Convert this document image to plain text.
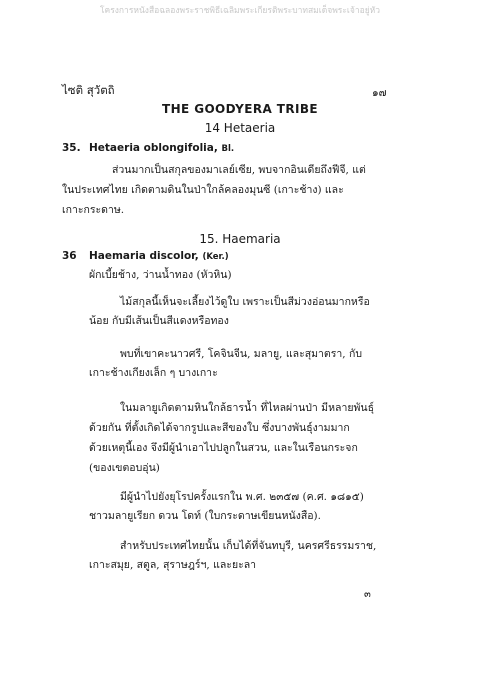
โครงการหนังสือฉลองพระราชพิธีเฉลิมพระเกียรติพระบาทสมเด็จพระเจ้าอยู่หัว
ไซติ สุวัตถิ	๑๗
THE GOODYERA TRIBE
14 Hetaeria
35. Hetaeria oblongifolia, Bl.
ส่วนมากเป็นสกุลของมาเลย์เซีย, พบจากอินเดียถึงฟีจี, แต่
ในประเทศไทย เกิดตามดินในป่าใกล้คลองมุนซี (เกาะช้าง) และ
เกาะกระดาษ.
15. Haemaria
36 Haemaria discolor, (Ker.)
ผักเบี้ยช้าง, ว่านน้ำทอง (หัวหิน)
ไม้สกุลนี้เห็นจะเลี้ยงไว้ดูใบ เพราะเป็นสีม่วงอ่อนมากหรือ
น้อย กับมีเส้นเป็นสีแดงหรือทอง
พบที่เขาคะนาวศรี, โคจินจีน, มลายู, และสุมาตรา, กับ
เกาะช้างเกียงเล็ก ๆ บางเกาะ
ในมลายูเกิดตามหินใกล้ธารน้ำ ที่ไหลผ่านป่า มีหลายพันธุ์
ด้วยกัน ที่ตั้งเกิดได้จากรูปและสีของใบ ซึ่งบางพันธุ์งามมาก
ด้วยเหตุนี้เอง จึงมีผู้นำเอาไปปลูกในสวน, และในเรือนกระจก
(ของเขตอบอุ่น)
มีผู้นำไปยังยุโรปครั้งแรกใน พ.ศ. ๒๓๕๗ (ค.ศ. ๑๘๑๕)
ชาวมลายูเรียก ดวน โดท์ (ใบกระดาษเขียนหนังสือ).
สำหรับประเทศไทยนั้น เก็บได้ที่จันทบุรี, นครศรีธรรมราช,
เกาะสมุย, สตูล, สุราษฎร์ฯ, และยะลา
๓
